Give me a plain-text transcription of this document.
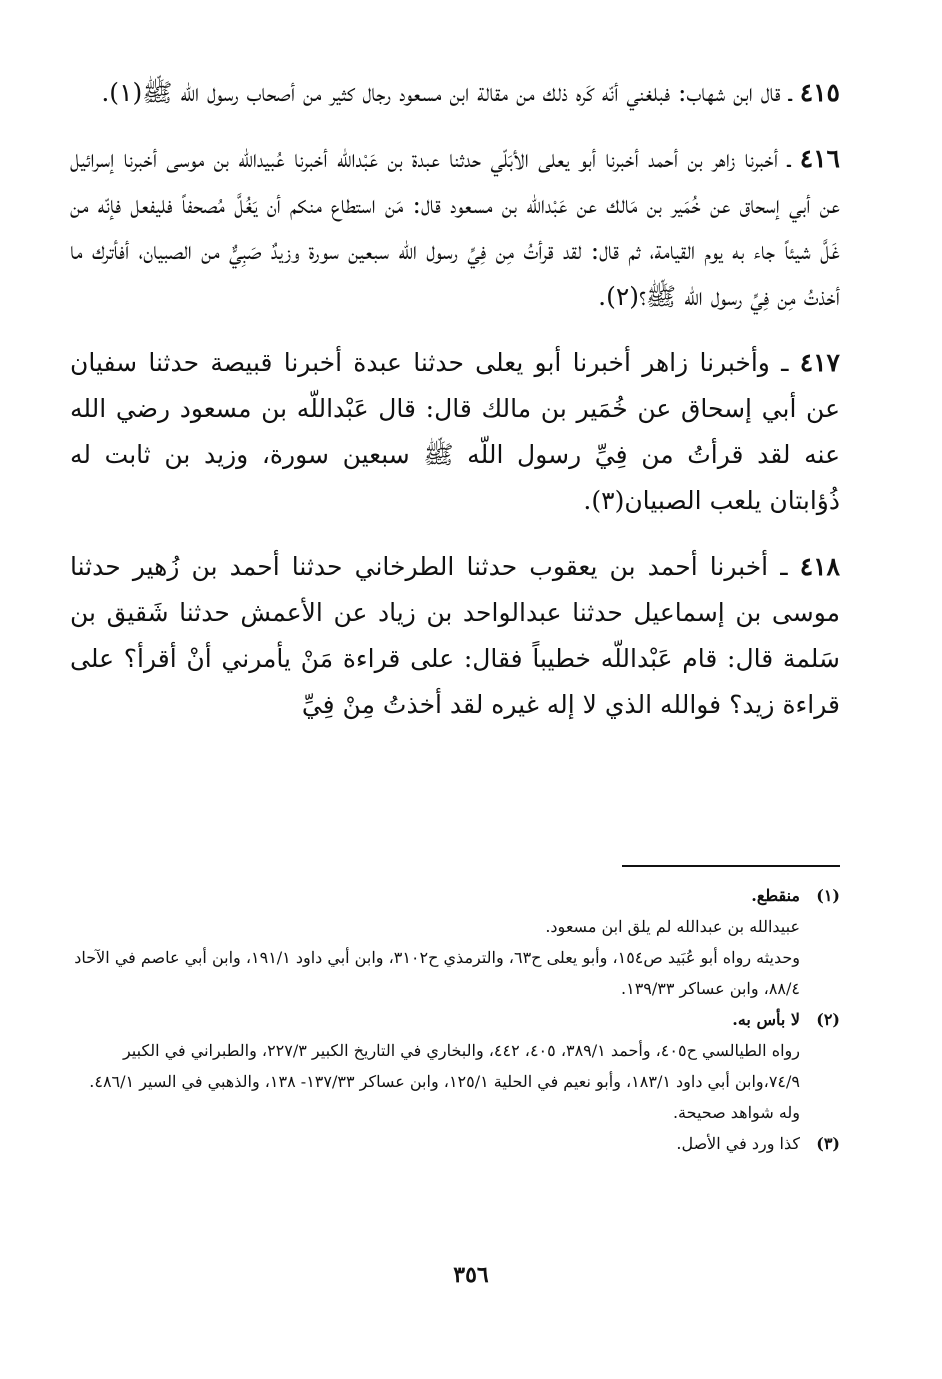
٤١٥ ـ قال ابن شهاب: فبلغني أنّه كَره ذلك من مقالة ابن مسعود رجال كثير من أصحاب رسول اللّه ﷺ(١).

٤١٦ ـ أخبرنا زاهر بن أحمد أخبرنا أبو يعلى الأبَلّي حدثنا عبدة بن عَبْداللّه أخبرنا عُبيداللّه بن موسى أخبرنا إسرائيل عن أبي إسحاق عن خُمَير بن مَالك عن عَبْداللّه بن مسعود قال: مَن استطاع منكم أن يَغُلَّ مُصحفاً فليفعل فإنّه من غَلَّ شيئاً جاء به يوم القيامة، ثم قال: لقد قرأتُ مِن فِيِّ رسول الله سبعين سورة وزيدٌ صَبِيٌّ من الصبيان، أفأترك ما أخذتُ مِن فِيِّ رسول اللّه ﷺ؟(٢).

٤١٧ ـ وأخبرنا زاهر أخبرنا أبو يعلى حدثنا عبدة أخبرنا قبيصة حدثنا سفيان عن أبي إسحاق عن خُمَير بن مالك قال: قال عَبْداللّه بن مسعود رضي الله عنه لقد قرأتُ من فِيِّ رسول اللّه ﷺ سبعين سورة، وزيد بن ثابت له ذُؤابتان يلعب الصبيان(٣).

٤١٨ ـ أخبرنا أحمد بن يعقوب حدثنا الطرخاني حدثنا أحمد بن زُهير حدثنا موسى بن إسماعيل حدثنا عبدالواحد بن زياد عن الأعمش حدثنا شَقيق بن سَلمة قال: قام عَبْداللّه خطيباً فقال: على قراءة مَنْ يأمرني أنْ أقرأ؟ على قراءة زيد؟ فوالله الذي لا إله غيره لقد أخذتُ مِنْ فِيِّ

(١)
منقطع.
عبيدالله بن عبدالله لم يلق ابن مسعود.
وحديثه رواه أبو عُبَيد ص١٥٤، وأبو يعلى ح٦٣، والترمذي ح٣١٠٢، وابن أبي داود ١٩١/١، وابن أبي عاصم في الآحاد ٨٨/٤، وابن عساكر ١٣٩/٣٣.
(٢)
لا بأس به.
رواه الطيالسي ح٤٠٥، وأحمد ٣٨٩/١، ٤٠٥، ٤٤٢، والبخاري في التاريخ الكبير ٢٢٧/٣، والطبراني في الكبير ٧٤/٩،وابن أبي داود ١٨٣/١، وأبو نعيم في الحلية ١٢٥/١، وابن عساكر ١٣٧/٣٣- ١٣٨، والذهبي في السير ٤٨٦/١.
وله شواهد صحيحة.
(٣)
كذا ورد في الأصل.
٣٥٦
